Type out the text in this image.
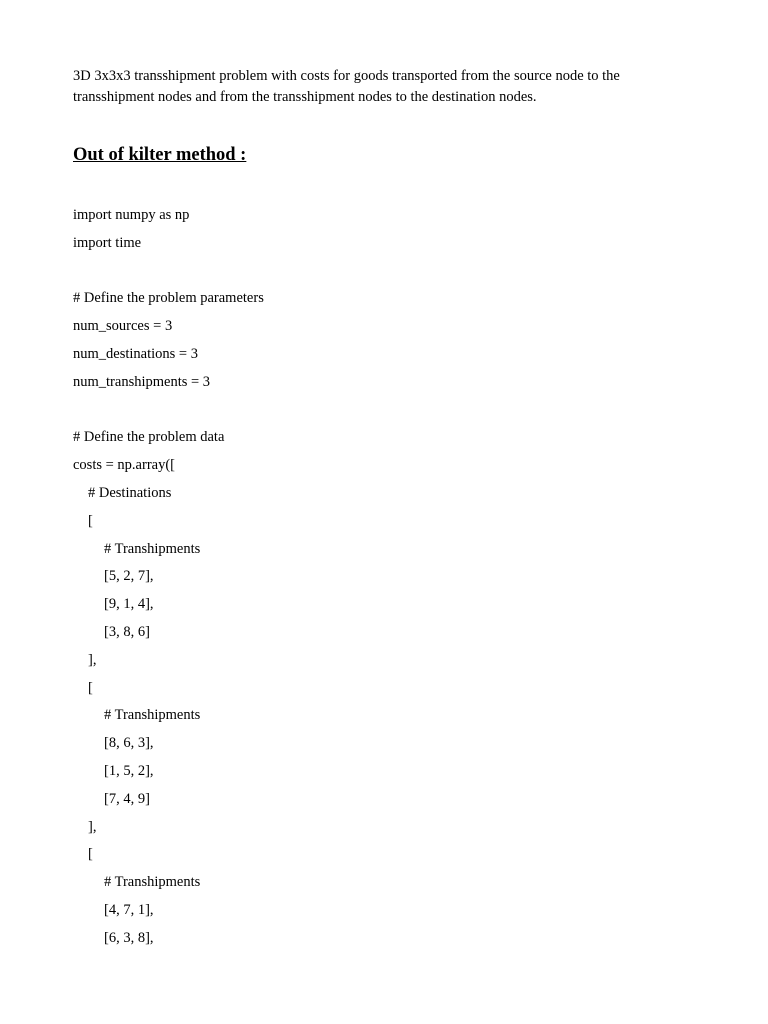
3D 3x3x3 transshipment problem with costs for goods transported from the source node to the transshipment nodes and from the transshipment nodes to the destination nodes.

Out of kilter method :
import numpy as np
import time
# Define the problem parameters
num_sources = 3
num_destinations = 3
num_transhipments = 3
# Define the problem data
costs = np.array([
# Destinations
[
# Transhipments
[5, 2, 7],
[9, 1, 4],
[3, 8, 6]
],
[
# Transhipments
[8, 6, 3],
[1, 5, 2],
[7, 4, 9]
],
[
# Transhipments
[4, 7, 1],
[6, 3, 8],
